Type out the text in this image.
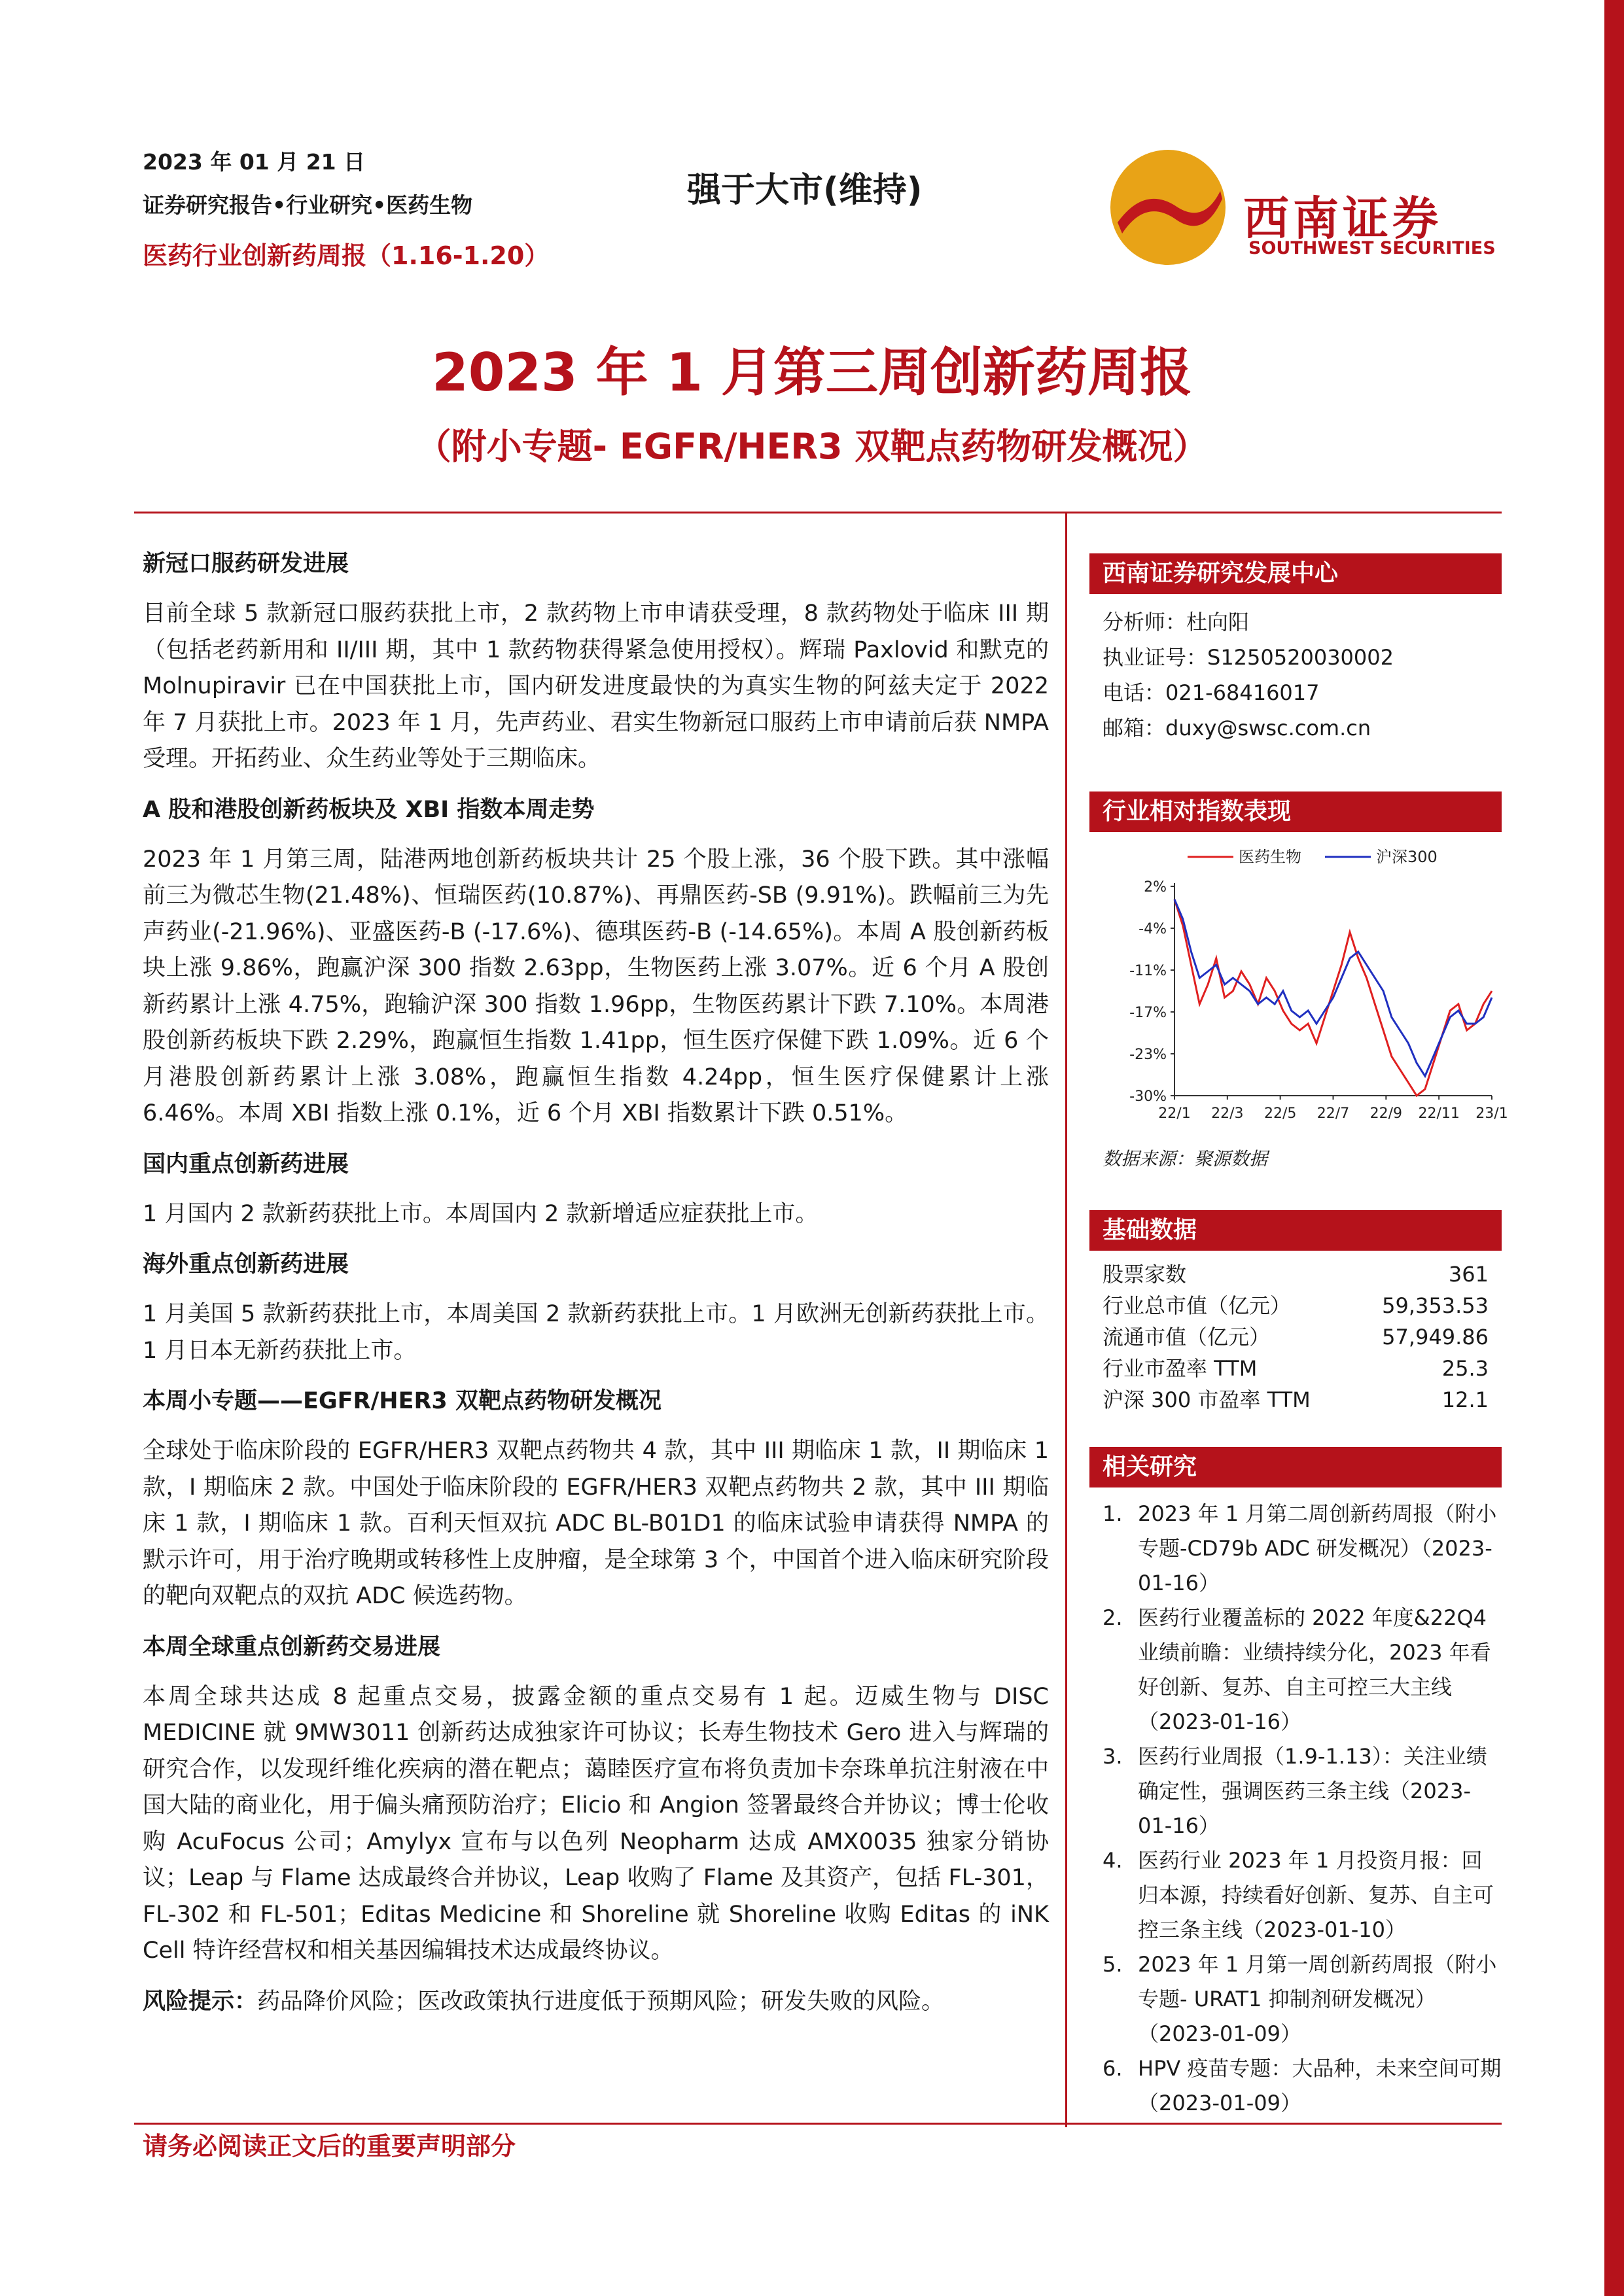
2023 年 01 月 21 日
证券研究报告•行业研究•医药生物
医药行业创新药周报（1.16-1.20）
强于大市(维持)
西南证券
SOUTHWEST SECURITIES
2023 年 1 月第三周创新药周报
（附小专题- EGFR/HER3 双靶点药物研发概况）
新冠口服药研发进展
目前全球 5 款新冠口服药获批上市，2 款药物上市申请获受理，8 款药物处于临床 III 期（包括老药新用和 II/III 期，其中 1 款药物获得紧急使用授权）。辉瑞 Paxlovid 和默克的 Molnupiravir 已在中国获批上市，国内研发进度最快的为真实生物的阿兹夫定于 2022 年 7 月获批上市。2023 年 1 月，先声药业、君实生物新冠口服药上市申请前后获 NMPA 受理。开拓药业、众生药业等处于三期临床。
A 股和港股创新药板块及 XBI 指数本周走势
2023 年 1 月第三周，陆港两地创新药板块共计 25 个股上涨，36 个股下跌。其中涨幅前三为微芯生物(21.48%)、恒瑞医药(10.87%)、再鼎医药-SB (9.91%)。跌幅前三为先声药业(-21.96%)、亚盛医药-B (-17.6%)、德琪医药-B (-14.65%)。本周 A 股创新药板块上涨 9.86%，跑赢沪深 300 指数 2.63pp，生物医药上涨 3.07%。近 6 个月 A 股创新药累计上涨 4.75%，跑输沪深 300 指数 1.96pp，生物医药累计下跌 7.10%。本周港股创新药板块下跌 2.29%，跑赢恒生指数 1.41pp，恒生医疗保健下跌 1.09%。近 6 个月港股创新药累计上涨 3.08%，跑赢恒生指数 4.24pp，恒生医疗保健累计上涨 6.46%。本周 XBI 指数上涨 0.1%，近 6 个月 XBI 指数累计下跌 0.51%。
国内重点创新药进展
1 月国内 2 款新药获批上市。本周国内 2 款新增适应症获批上市。
海外重点创新药进展
1 月美国 5 款新药获批上市，本周美国 2 款新药获批上市。1 月欧洲无创新药获批上市。1 月日本无新药获批上市。
本周小专题——EGFR/HER3 双靶点药物研发概况
全球处于临床阶段的 EGFR/HER3 双靶点药物共 4 款，其中 III 期临床 1 款，II 期临床 1 款，I 期临床 2 款。中国处于临床阶段的 EGFR/HER3 双靶点药物共 2 款，其中 III 期临床 1 款，I 期临床 1 款。百利天恒双抗 ADC BL-B01D1 的临床试验申请获得 NMPA 的默示许可，用于治疗晚期或转移性上皮肿瘤，是全球第 3 个，中国首个进入临床研究阶段的靶向双靶点的双抗 ADC 候选药物。
本周全球重点创新药交易进展
本周全球共达成 8 起重点交易，披露金额的重点交易有 1 起。迈威生物与 DISC MEDICINE 就 9MW3011 创新药达成独家许可协议；长寿生物技术 Gero 进入与辉瑞的研究合作，以发现纤维化疾病的潜在靶点；蔼睦医疗宣布将负责加卡奈珠单抗注射液在中国大陆的商业化，用于偏头痛预防治疗；Elicio 和 Angion 签署最终合并协议；博士伦收购 AcuFocus 公司；Amylyx 宣布与以色列 Neopharm 达成 AMX0035 独家分销协议；Leap 与 Flame 达成最终合并协议，Leap 收购了 Flame 及其资产，包括 FL-301，FL-302 和 FL-501；Editas Medicine 和 Shoreline 就 Shoreline 收购 Editas 的 iNK Cell 特许经营权和相关基因编辑技术达成最终协议。
风险提示：药品降价风险；医改政策执行进度低于预期风险；研发失败的风险。
西南证券研究发展中心
分析师：杜向阳
执业证号：S1250520030002
电话：021-68416017
邮箱：duxy@swsc.com.cn
行业相对指数表现
2%
-4%
-11%
-17%
-23%
-30%
22/1 22/3 22/5 22/7 22/9 22/11 23/1
医药生物	沪深300
数据来源：聚源数据
基础数据
股票家数	361
行业总市值（亿元）	59,353.53
流通市值（亿元）	57,949.86
行业市盈率 TTM	25.3
沪深 300 市盈率 TTM	12.1
相关研究
1. 2023 年 1 月第二周创新药周报（附小专题-CD79b ADC 研发概况）（2023-01-16）
2. 医药行业覆盖标的 2022 年度&22Q4 业绩前瞻：业绩持续分化，2023 年看好创新、复苏、自主可控三大主线（2023-01-16）
3. 医药行业周报（1.9-1.13）：关注业绩确定性，强调医药三条主线（2023-01-16）
4. 医药行业 2023 年 1 月投资月报：回归本源，持续看好创新、复苏、自主可控三条主线（2023-01-10）
5. 2023 年 1 月第一周创新药周报（附小专题- URAT1 抑制剂研发概况）（2023-01-09）
6. HPV 疫苗专题：大品种，未来空间可期（2023-01-09）
请务必阅读正文后的重要声明部分
